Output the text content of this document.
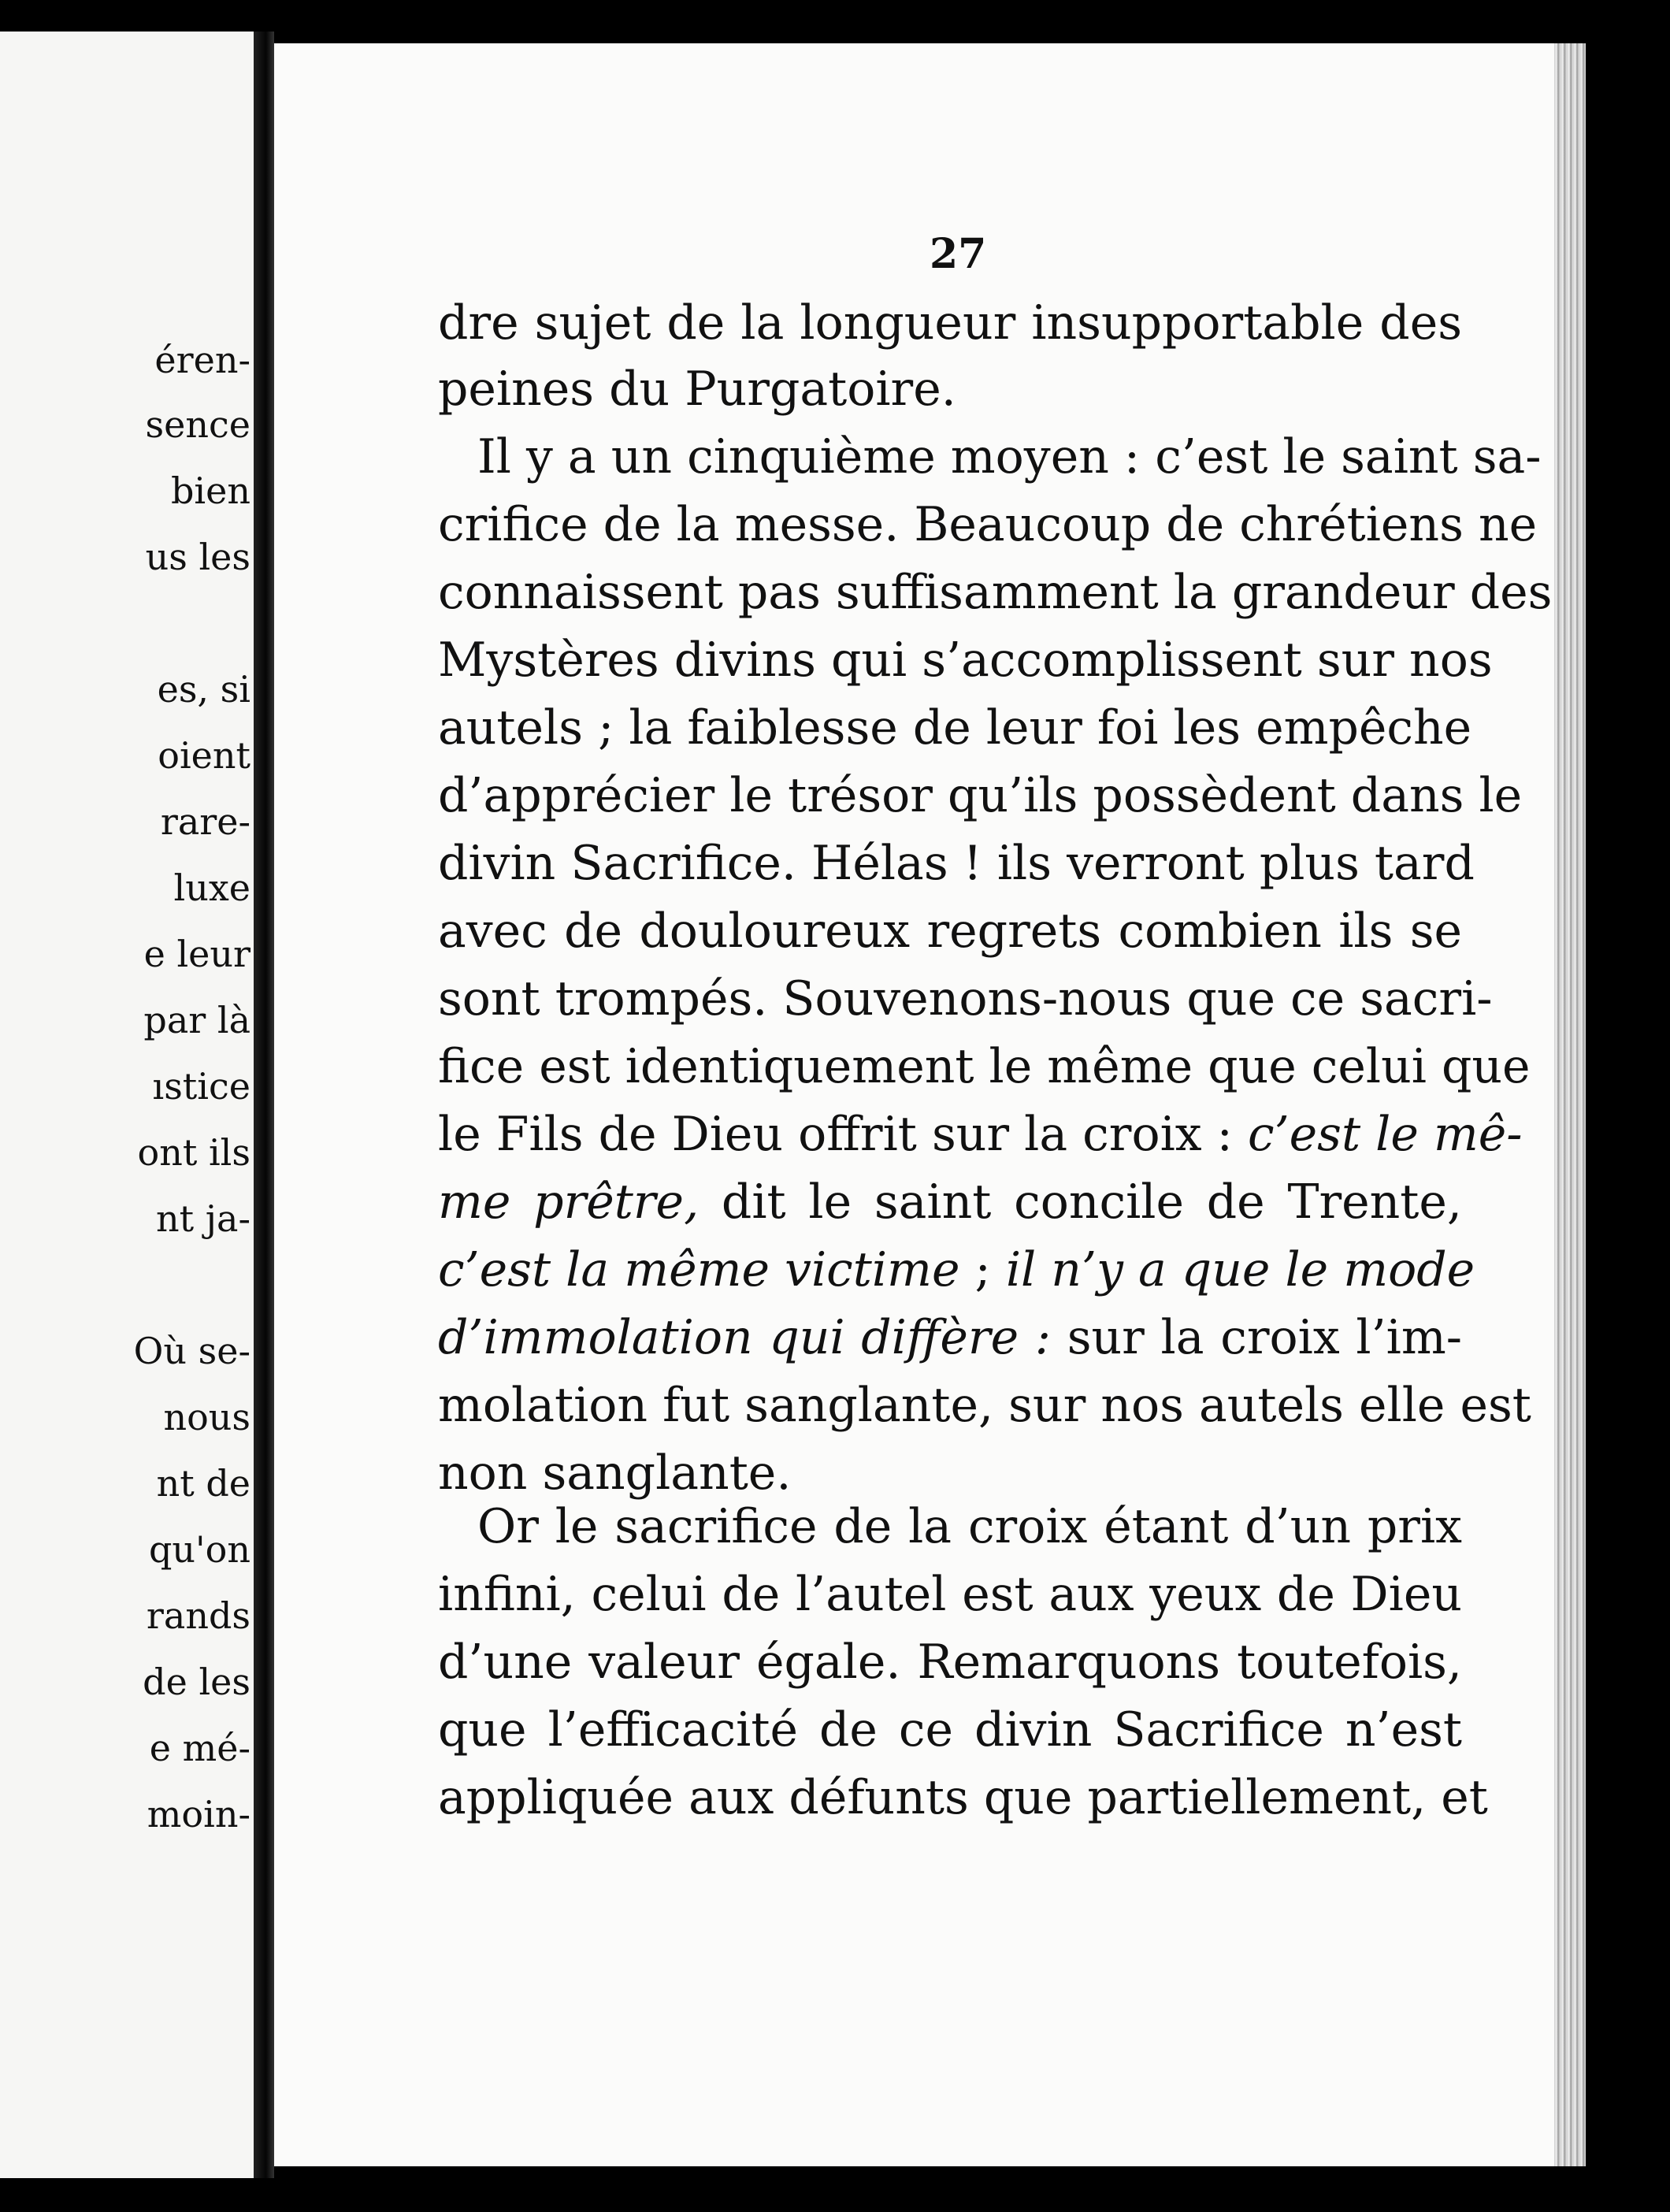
éren-

sence

bien

us les

es, si

oient

rare-

luxe

e leur

par là

ıstice

ont ils

nt ja-

Où se-

nous

nt de

qu'on

rands

de les

e mé-

moin-

27

dre sujet de la longueur insupportable des

peines du Purgatoire.

Il y a un cinquième moyen : c’est le saint sa-

crifice de la messe. Beaucoup de chrétiens ne

connaissent pas suffisamment la grandeur des

Mystères divins qui s’accomplissent sur nos

autels ; la faiblesse de leur foi les empêche

d’apprécier le trésor qu’ils possèdent dans le

divin Sacrifice. Hélas ! ils verront plus tard

avec de douloureux regrets combien ils se

sont trompés. Souvenons-nous que ce sacri-

fice est identiquement le même que celui que

le Fils de Dieu offrit sur la croix : c’est le mê-

me prêtre, dit le saint concile de Trente,

c’est la même victime ; il n’y a que le mode

d’immolation qui diffère : sur la croix l’im-

molation fut sanglante, sur nos autels elle est

non sanglante.

Or le sacrifice de la croix étant d’un prix

infini, celui de l’autel est aux yeux de Dieu

d’une valeur égale. Remarquons toutefois,

que l’efficacité de ce divin Sacrifice n’est

appliquée aux défunts que partiellement, et
